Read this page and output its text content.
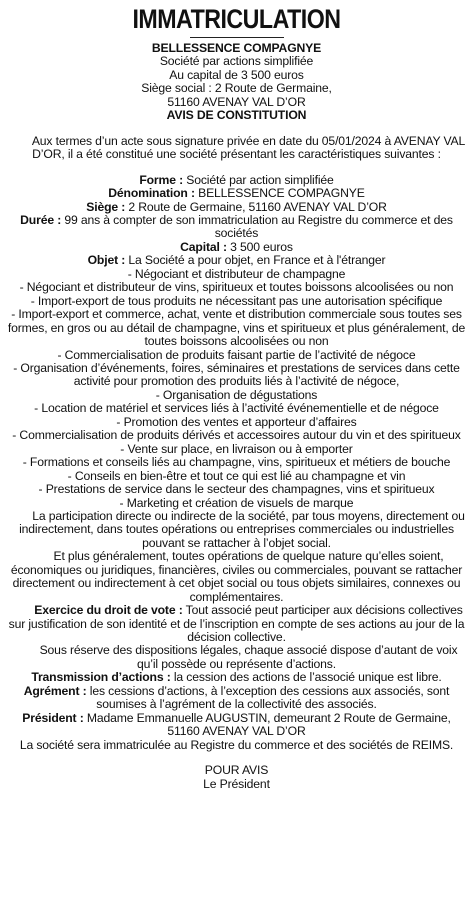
IMMATRICULATION

BELLESSENCE COMPAGNYE

Société par actions simplifiée

Au capital de 3 500 euros

Siège social : 2 Route de Germaine,

51160 AVENAY VAL D’OR

AVIS DE CONSTITUTION

Aux termes d’un acte sous signature privée en date du 05/01/2024 à AVENAY VAL D’OR, il a été constitué une société présentant les caractéristiques suivantes :

Forme : Société par action simplifiée

Dénomination : BELLESSENCE COMPAGNYE

Siège : 2 Route de Germaine, 51160 AVENAY VAL D’OR

Durée : 99 ans à compter de son immatriculation au Registre du commerce et des sociétés

Capital : 3 500 euros

Objet : La Société a pour objet, en France et à l'étranger

- Négociant et distributeur de champagne

- Négociant et distributeur de vins, spiritueux et toutes boissons alcoolisées ou non

- Import-export de tous produits ne nécessitant pas une autorisation spécifique

- Import-export et commerce, achat, vente et distribution commerciale sous toutes ses formes, en gros ou au détail de champagne, vins et spiritueux et plus généralement, de toutes boissons alcoolisées ou non

- Commercialisation de produits faisant partie de l’activité de négoce

- Organisation d’événements, foires, séminaires et prestations de services dans cette activité pour promotion des produits liés à l’activité de négoce,

- Organisation de dégustations

- Location de matériel et services liés à l’activité événementielle et de négoce

- Promotion des ventes et apporteur d’affaires

- Commercialisation de produits dérivés et accessoires autour du vin et des spiritueux

- Vente sur place, en livraison ou à emporter

- Formations et conseils liés au champagne, vins, spiritueux et métiers de bouche

- Conseils en bien-être et tout ce qui est lié au champagne et vin

- Prestations de service dans le secteur des champagnes, vins et spiritueux

- Marketing et création de visuels de marque

La participation directe ou indirecte de la société, par tous moyens, directement ou indirectement, dans toutes opérations ou entreprises commerciales ou industrielles pouvant se rattacher à l’objet social.

Et plus généralement, toutes opérations de quelque nature qu’elles soient, économiques ou juridiques, financières, civiles ou commerciales, pouvant se rattacher directement ou indirectement à cet objet social ou tous objets similaires, connexes ou complémentaires.

Exercice du droit de vote : Tout associé peut participer aux décisions collectives sur justification de son identité et de l’inscription en compte de ses actions au jour de la décision collective.

Sous réserve des dispositions légales, chaque associé dispose d’autant de voix qu’il possède ou représente d’actions.

Transmission d’actions : la cession des actions de l’associé unique est libre.

Agrément : les cessions d’actions, à l’exception des cessions aux associés, sont soumises à l’agrément de la collectivité des associés.

Président : Madame Emmanuelle AUGUSTIN, demeurant 2 Route de Germaine, 51160 AVENAY VAL D’OR

La société sera immatriculée au Registre du commerce et des sociétés de REIMS.

POUR AVIS

Le Président
